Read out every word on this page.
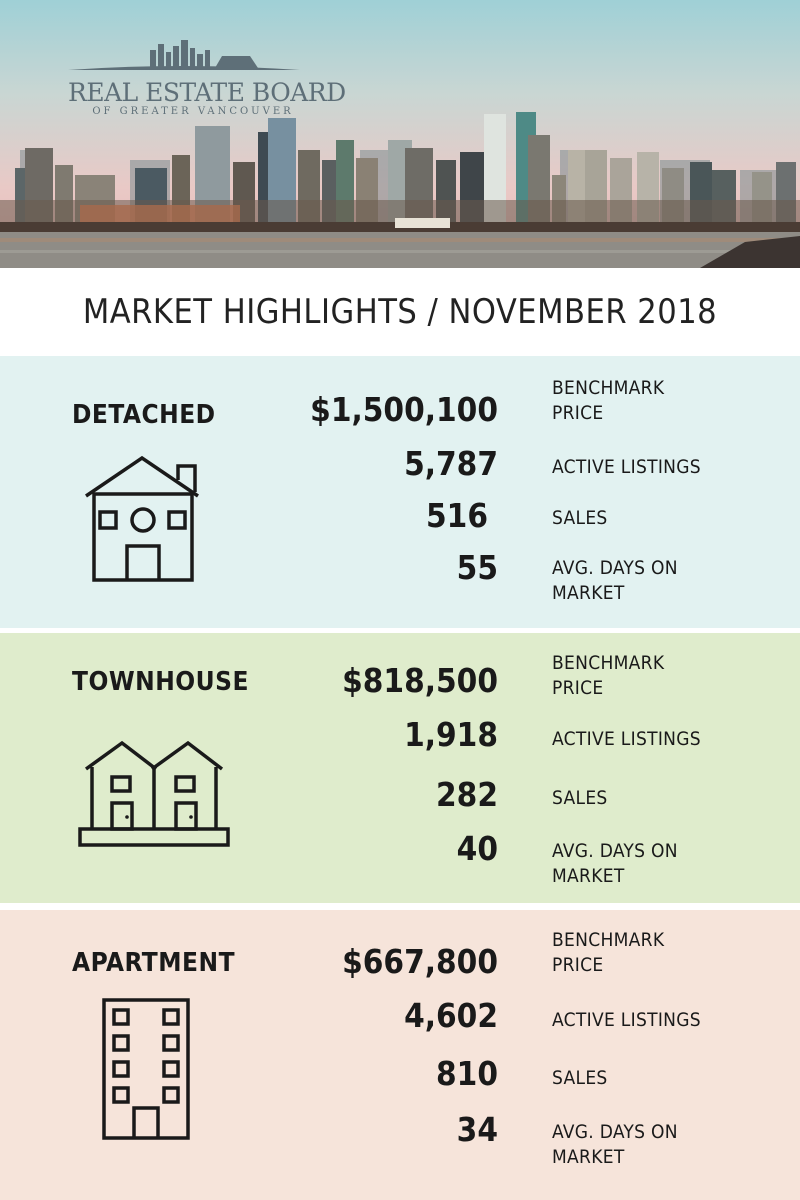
REAL ESTATE BOARD
OF GREATER VANCOUVER
MARKET HIGHLIGHTS / NOVEMBER 2018
DETACHED	$1,500,100
BENCHMARK
PRICE
5,787	ACTIVE LISTINGS
516	SALES
55	AVG. DAYS ON
MARKET
TOWNHOUSE	$818,500	BENCHMARK
PRICE
1,918	ACTIVE LISTINGS
282	SALES
40	AVG. DAYS ON
MARKET
APARTMENT	$667,800
BENCHMARK
PRICE
4,602	ACTIVE LISTINGS
810	SALES
34	AVG. DAYS ON
MARKET
